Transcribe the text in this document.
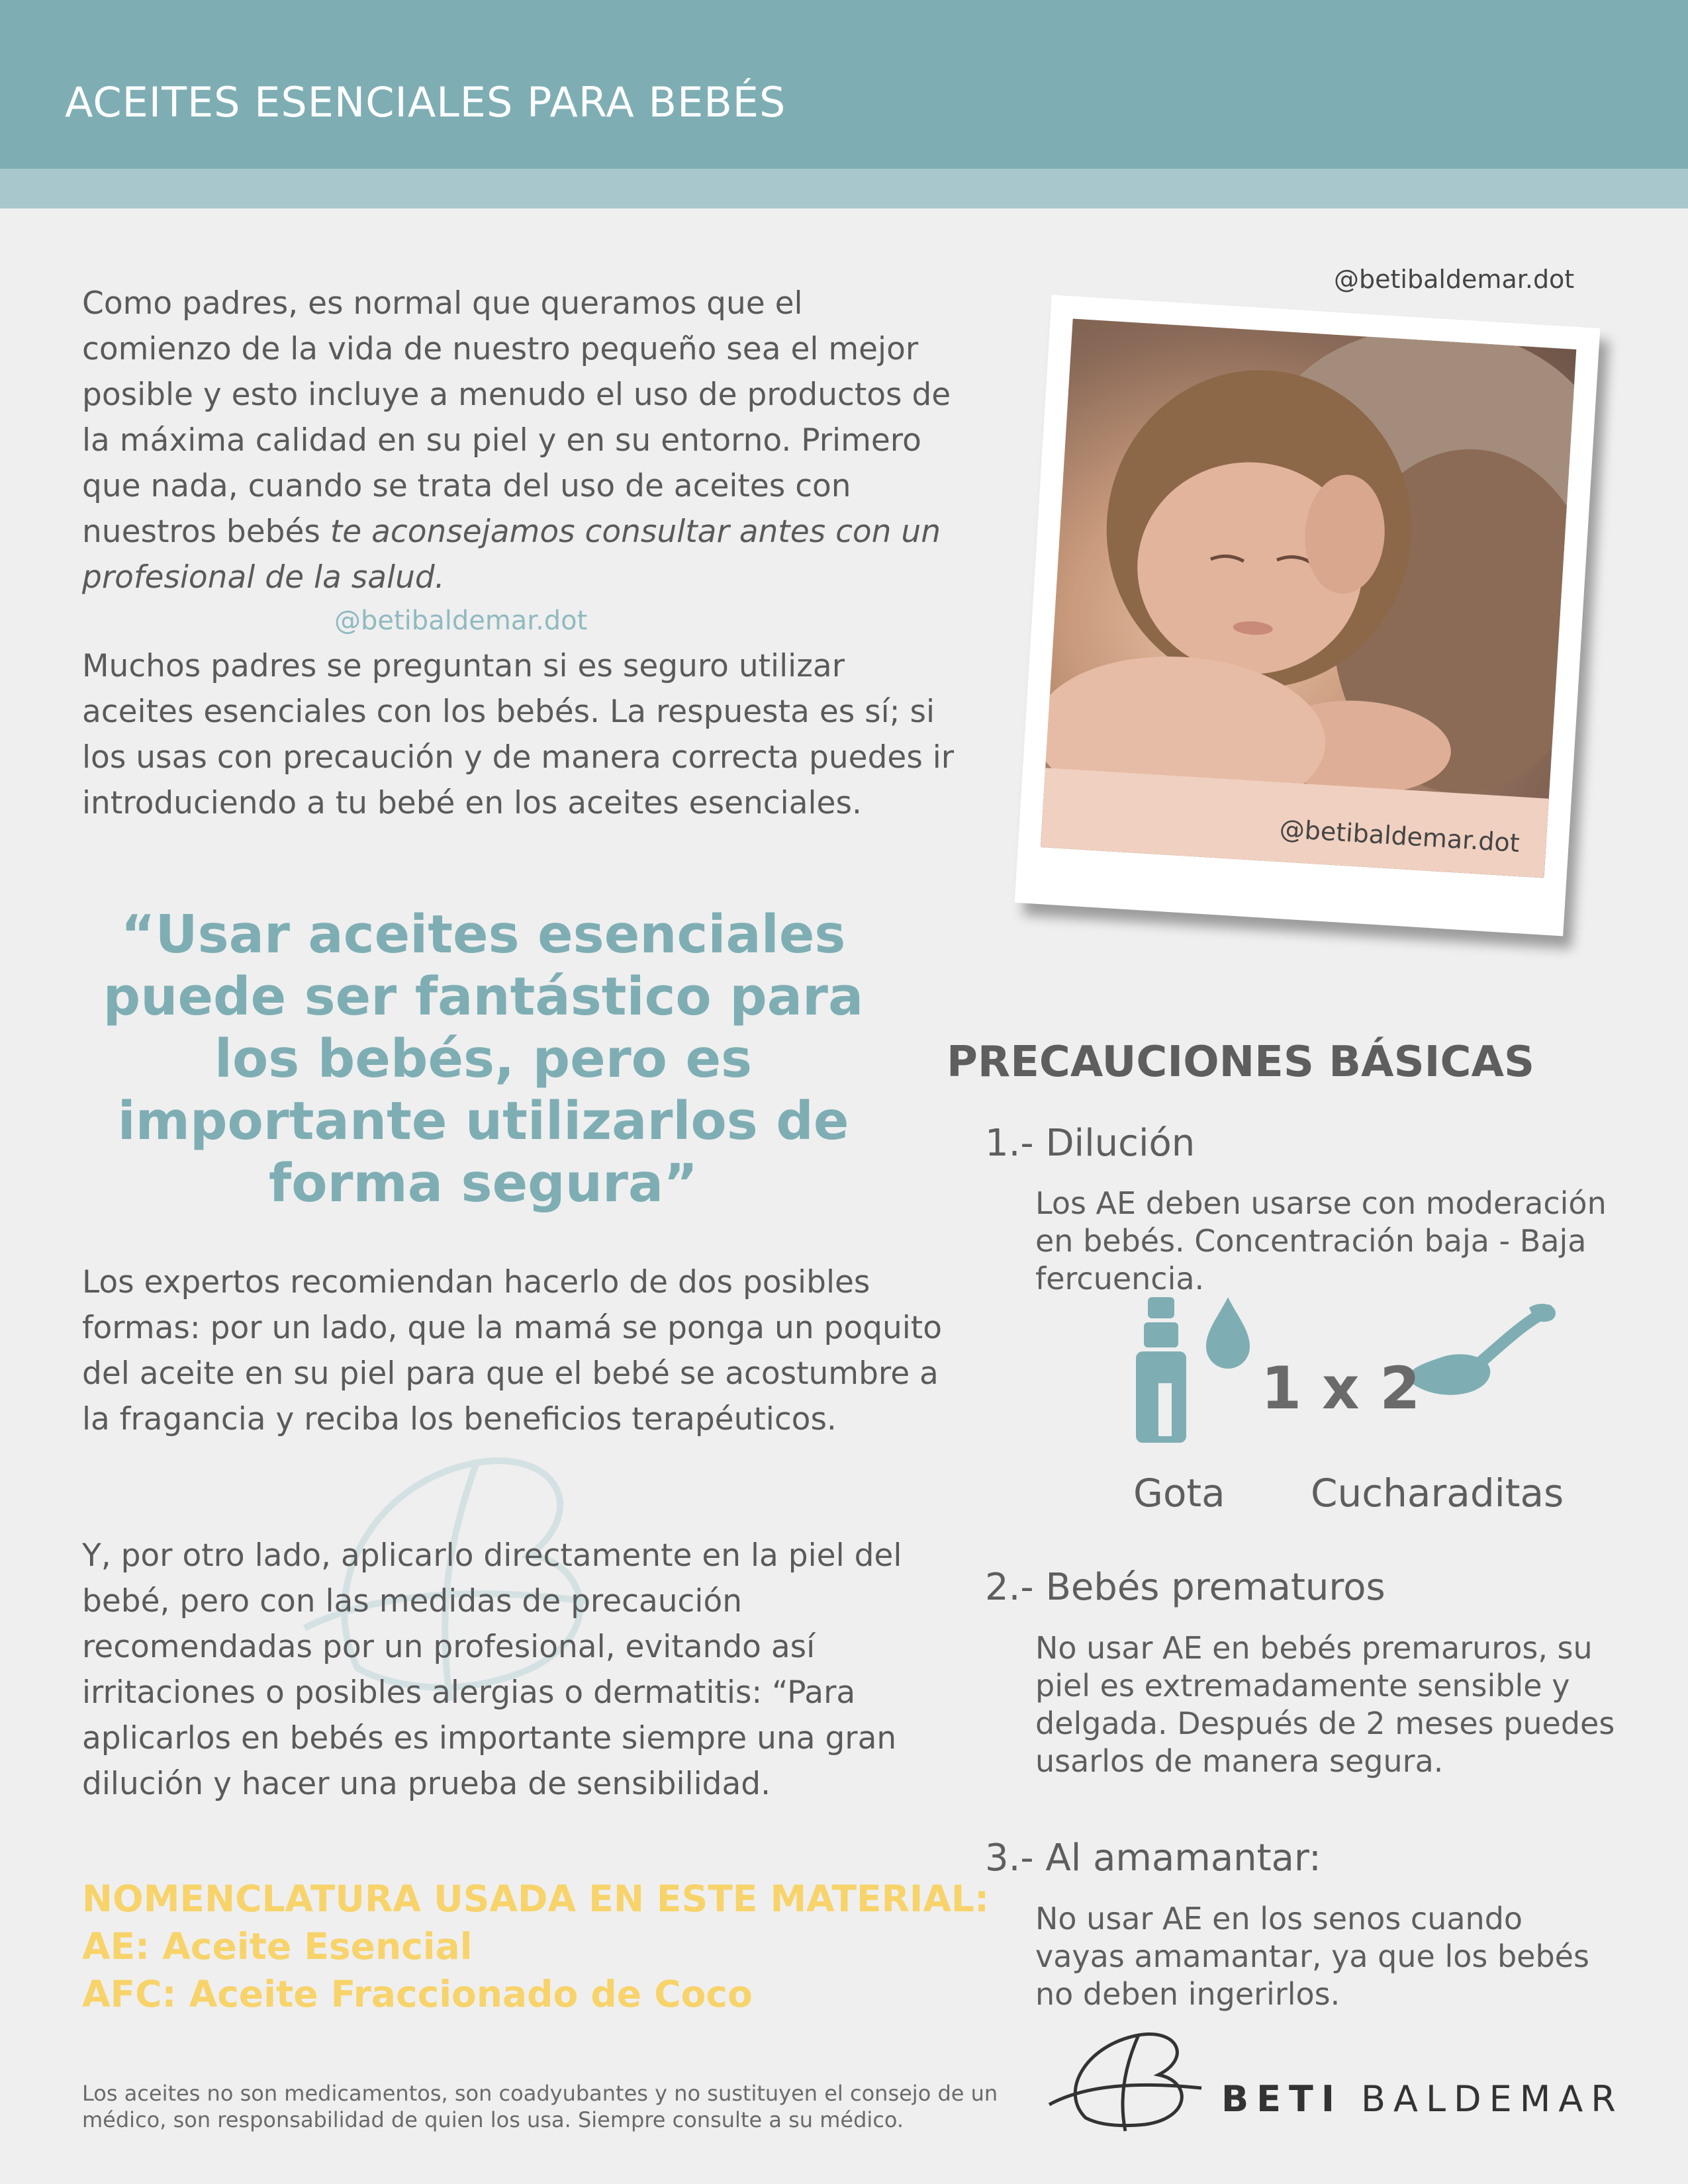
ACEITES ESENCIALES PARA BEBÉS

Como padres, es normal que queramos que el comienzo de la vida de nuestro pequeño sea el mejor posible y esto incluye a menudo el uso de productos de la máxima calidad en su piel y en su entorno. Primero que nada, cuando se trata del uso de aceites con nuestros bebés te aconsejamos consultar antes con un profesional de la salud.

@betibaldemar.dot

Muchos padres se preguntan si es seguro utilizar aceites esenciales con los bebés. La respuesta es sí; si los usas con precaución y de manera correcta puedes ir introduciendo a tu bebé en los aceites esenciales.

“Usar aceites esenciales puede ser fantástico para los bebés, pero es importante utilizarlos de forma segura”

Los expertos recomiendan hacerlo de dos posibles formas: por un lado, que la mamá se ponga un poquito del aceite en su piel para que el bebé se acostumbre a la fragancia y reciba los beneficios terapéuticos.

Y, por otro lado, aplicarlo directamente en la piel del bebé, pero con las medidas de precaución recomendadas por un profesional, evitando así irritaciones o posibles alergias o dermatitis: “Para aplicarlos en bebés es importante siempre una gran dilución y hacer una prueba de sensibilidad.

NOMENCLATURA USADA EN ESTE MATERIAL:
AE: Aceite Esencial
AFC: Aceite Fraccionado de Coco
Los aceites no son medicamentos, son coadyubantes y no sustituyen el consejo de un médico, son responsabilidad de quien los usa. Siempre consulte a su médico.
@betibaldemar.dot
@betibaldemar.dot
PRECAUCIONES BÁSICAS
1.- Dilución
Los AE deben usarse con moderación en bebés. Concentración baja - Baja fercuencia.
1 x 2
Gota Cucharaditas
2.- Bebés prematuros
No usar AE en bebés premaruros, su piel es extremadamente sensible y delgada. Después de 2 meses puedes usarlos de manera segura.
3.- Al amamantar:
No usar AE en los senos cuando vayas amamantar, ya que los bebés no deben ingerirlos.
BETI BALDEMAR
